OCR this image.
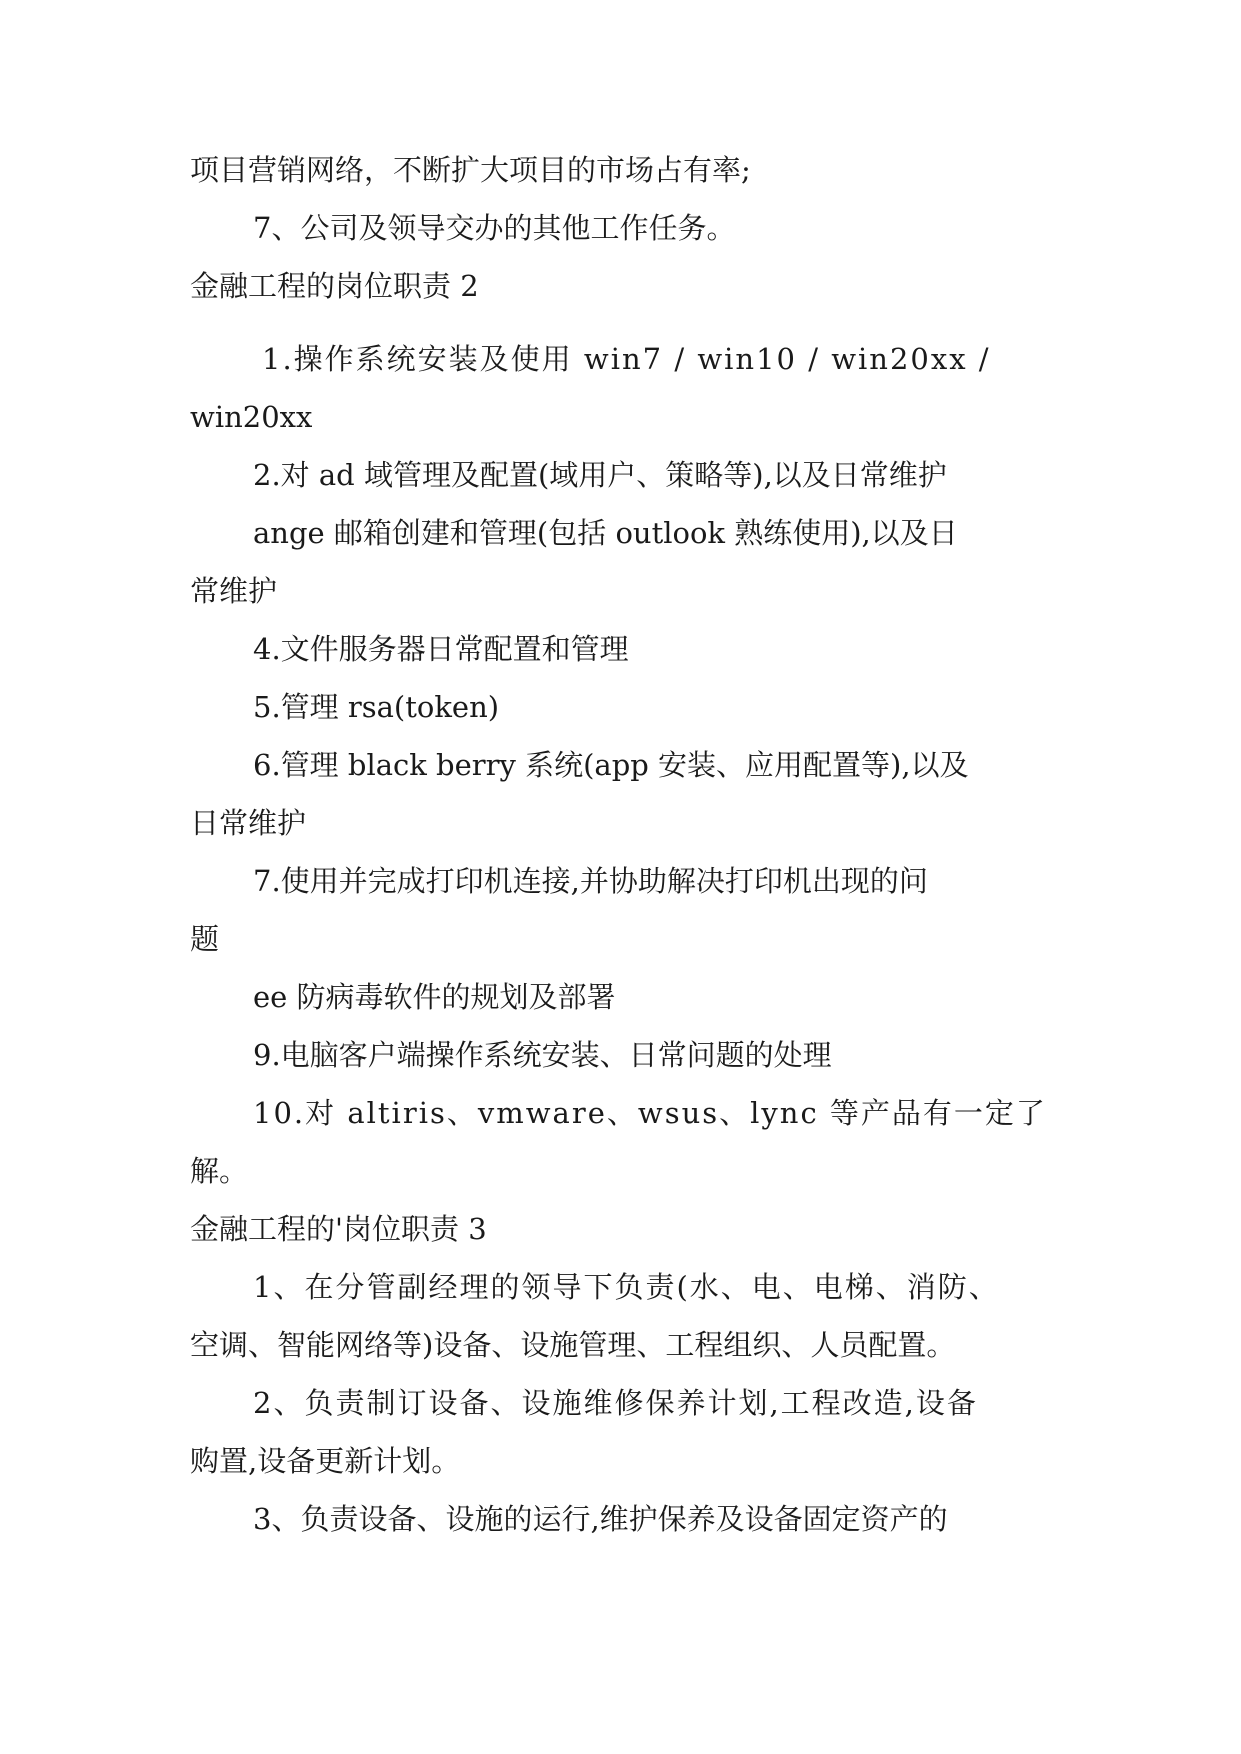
项目营销网络，不断扩大项目的市场占有率;

7、公司及领导交办的其他工作任务。

金融工程的岗位职责 2

1.操作系统安装及使用 win7 / win10 / win20xx /

win20xx

2.对 ad 域管理及配置(域用户、策略等),以及日常维护

ange 邮箱创建和管理(包括 outlook 熟练使用),以及日

常维护

4.文件服务器日常配置和管理

5.管理 rsa(token)

6.管理 black berry 系统(app 安装、应用配置等),以及

日常维护

7.使用并完成打印机连接,并协助解决打印机出现的问

题

ee 防病毒软件的规划及部署

9.电脑客户端操作系统安装、日常问题的处理

10.对 altiris、vmware、wsus、lync 等产品有一定了

解。

金融工程的'岗位职责 3

1、在分管副经理的领导下负责(水、电、电梯、消防、

空调、智能网络等)设备、设施管理、工程组织、人员配置。

2、负责制订设备、设施维修保养计划,工程改造,设备

购置,设备更新计划。

3、负责设备、设施的运行,维护保养及设备固定资产的
